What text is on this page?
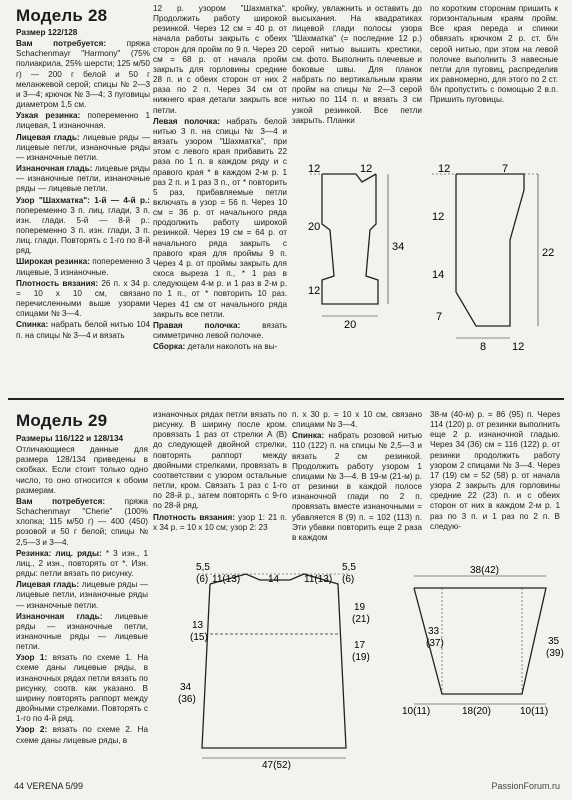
Модель 28

Размер 122/128

Вам потребуется: пряжа Schachenmayr "Harmony" (75% полиакрила, 25% шерсти; 125 м/50 г) — 200 г белой и 50 г меланжевой серой; спицы № 2—3 и 3—4; крючок № 3—4; 3 пуговицы диаметром 1,5 см.

Узкая резинка: попеременно 1 лицевая, 1 изнаночная.

Лицевая гладь: лицевые ряды — лицевые петли, изнаночные ряды — изнаночные петли.

Изнаночная гладь: лицевые ряды — изнаночные петли, изнаночные ряды — лицевые петли.

Узор "Шахматка": 1-й — 4-й р.: попеременно 3 п. лиц. глади, 3 п. изн. глади. 5-й — 8-й р.: попеременно 3 п. изн. глади, 3 п. лиц. глади. Повторять с 1-го по 8-й ряд.

Широкая резинка: попеременно 3 лицевые, 3 изнаночные.

Плотность вязания: 26 п. x 34 р. = 10 x 10 см, связано перечисленными выше узорами спицами № 3—4.

Спинка: набрать белой нитью 104 п. на спицы № 3—4 и вязать

12 р. узором "Шахматка". Продолжить работу широкой резинкой. Через 12 см = 40 р. от начала работы закрыть с обеих сторон для пройм по 9 п. Через 20 см = 68 р. от начала пройм закрыть для горловины средние 28 п. и с обеих сторон от них 2 раза по 2 п. Через 34 см от нижнего края детали закрыть все петли.

Левая полочка: набрать белой нитью 3 п. на спицы № 3—4 и вязать узором "Шахматка", при этом с левого края прибавить 22 раза по 1 п. в каждом ряду и с правого края * в каждом 2-м р. 1 раз 2 п. и 1 раз 3 п., от * повторить 5 раз, прибавляемые петли включать в узор = 56 п. Через 10 см = 36 р. от начального ряда продолжить работу широкой резинкой. Через 19 см = 64 р. от начального ряда закрыть с правого края для проймы 9 п. Через 4 р. от проймы закрыть для скоса выреза 1 п., * 1 раз в следующем 4-м р. и 1 раз в 2-м р. по 1 п., от * повторить 10 раз. Через 41 см от начального ряда закрыть все петли.

Правая полочка: вязать симметрично левой полочке.

Сборка: детали наколоть на вы-

кройку, увлажнить и оставить до высыхания. На квадратиках лицевой глади полосы узора "Шахматка" (= последние 12 р.) серой нитью вышить крестики, см. фото. Выполнить плечевые и боковые швы. Для планок набрать по вертикальным краям пройм на спицы № 2—3 серой нитью по 114 п. и вязать 3 см узкой резинкой. Все петли закрыть. Планки

по коротким сторонам пришить к горизонтальным краям пройм. Все края переда и спинки обвязать крючком 2 р. ст. б/н серой нитью, при этом на левой полочке выполнить 3 навесные петли для пуговиц, распределив их равномерно, для этого по 2 ст. б/н пропустить с помощью 2 в.п. Пришить пуговицы.

12	12
20
34
12
20
12	7
12
22
14
7
8 12
Модель 29

Размеры 116/122 и 128/134

Отличающиеся данные для размера 128/134 приведены в скобках. Если стоит только одно число, то оно относится к обоим размерам.

Вам потребуется: пряжа Schachenmayr "Cherie" (100% хлопка; 115 м/50 г) — 400 (450) розовой и 50 г белой; спицы № 2,5—3 и 3—4.

Резинка: лиц. ряды: * 3 изн., 1 лиц., 2 изн., повторять от *. Изн. ряды: петли вязать по рисунку.

Лицевая гладь: лицевые ряды — лицевые петли, изнаночные ряды — изнаночные петли.

Изнаночная гладь: лицевые ряды — изнаночные петли, изнаночные ряды — лицевые петли.

Узор 1: вязать по схеме 1. На схеме даны лицевые ряды, в изнаночных рядах петли вязать по рисунку, соотв. как указано. В ширину повторять раппорт между двойными стрелками. Повторять с 1-го по 4-й ряд.

Узор 2: вязать по схеме 2. На схеме даны лицевые ряды, в

изнаночных рядах петли вязать по рисунку. В ширину после кром. провязать 1 раз от стрелки A (B) до следующей двойной стрелки, повторять раппорт между двойными стрелками, провязать в соответствии с узором остальные петли, кром. Связать 1 раз с 1-го по 28-й р., затем повторять с 9-го по 28-й ряд.

Плотность вязания: узор 1: 21 п. x 34 р. = 10 x 10 см; узор 2: 23

п. x 30 р. = 10 x 10 см, связано спицами № 3—4.

Спинка: набрать розовой нитью 110 (122) п. на спицы № 2,5—3 и вязать 2 см резинкой. Продолжить работу узором 1 спицами № 3—4. В 19-м (21-м) р. от резинки в каждой полосе изнаночной глади по 2 п. провязать вместе изнаночными = убавляется 8 (9) п. = 102 (113) п. Эти убавки повторить еще 2 раза в каждом

38-м (40-м) р. = 86 (95) п. Через 114 (120) р. от резинки выполнить еще 2 р. изнаночной гладью. Через 34 (36) см = 116 (122) р. от резинки продолжить работу узором 2 спицами № 3—4. Через 17 (19) см = 52 (58) р. от начала узора 2 закрыть для горловины средние 22 (23) п. и с обеих сторон от них в каждом 2-м р. 1 раз по 3 п. и 1 раз по 2 п. В следую-

5,5
(6) 11(13)	14 11(13)
5,5
(6)
13
(15)
19
(21)
17
(19)
34
(36)
47(52)
38(42)
33
(37)	35
(39)
10(11)	18(20)	10(11)
44 VERENA 5/99	PassionForum.ru
